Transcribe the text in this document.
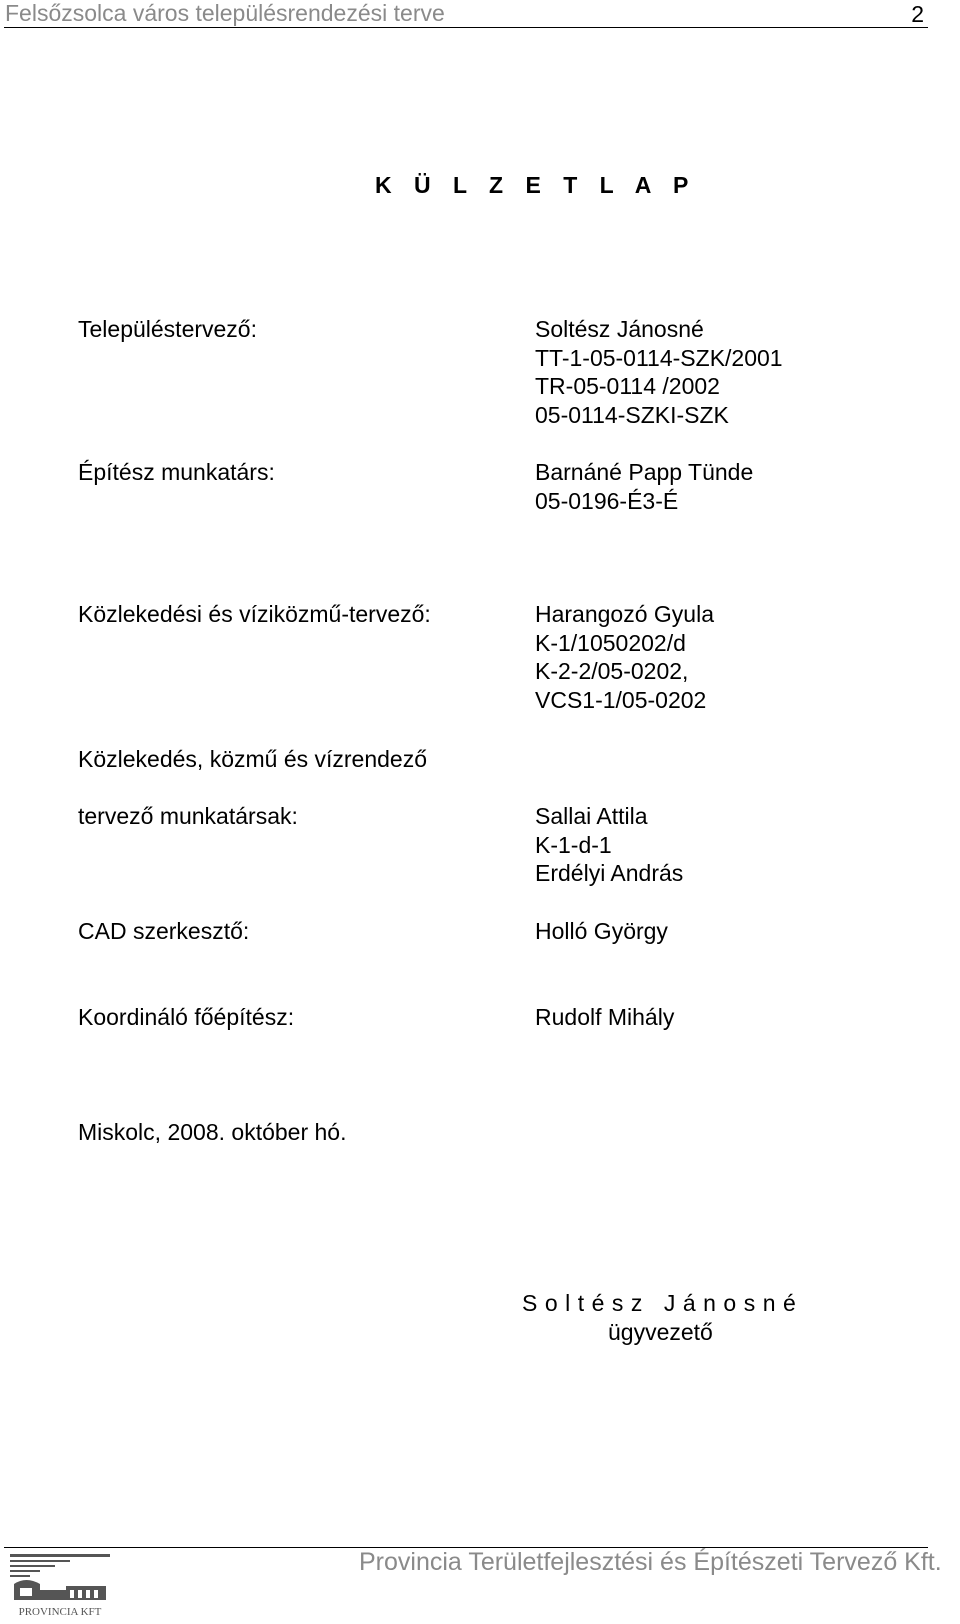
Felsőzsolca város településrendezési terve	2
K Ü L Z E T L A P
Településtervező:	Soltész Jánosné
TT-1-05-0114-SZK/2001
TR-05-0114 /2002
05-0114-SZKI-SZK
Építész munkatárs:	Barnáné Papp Tünde
05-0196-É3-É
Közlekedési és víziközmű-tervező:	Harangozó Gyula
K-1/1050202/d
K-2-2/05-0202,
VCS1-1/05-0202
Közlekedés, közmű és vízrendező
tervező munkatársak:	Sallai Attila
K-1-d-1
Erdélyi András
CAD szerkesztő:	Holló György
Koordináló főépítész:	Rudolf Mihály
Miskolc, 2008. október hó.
Soltész Jánosné
ügyvezető
PROVINCIA KFT
Provincia Területfejlesztési és Építészeti Tervező Kft.
